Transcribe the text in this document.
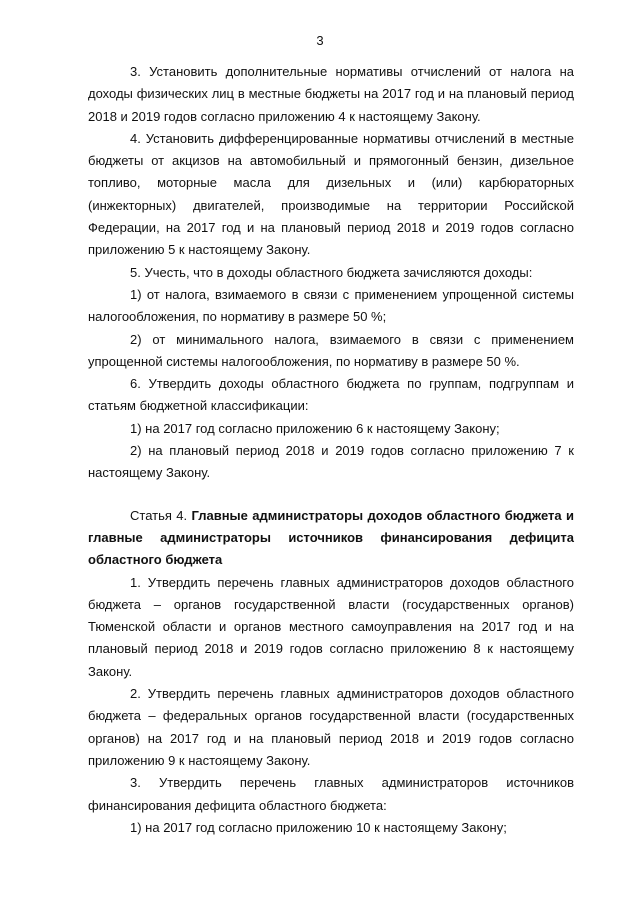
3

3. Установить дополнительные нормативы отчислений от налога на доходы физических лиц в местные бюджеты на 2017 год и на плановый период 2018 и 2019 годов согласно приложению 4 к настоящему Закону.

4. Установить дифференцированные нормативы отчислений в местные бюджеты от акцизов на автомобильный и прямогонный бензин, дизельное топливо, моторные масла для дизельных и (или) карбюраторных (инжекторных) двигателей, производимые на территории Российской Федерации, на 2017 год и на плановый период 2018 и 2019 годов согласно приложению 5 к настоящему Закону.

5. Учесть, что в доходы областного бюджета зачисляются доходы:

1) от налога, взимаемого в связи с применением упрощенной системы налогообложения, по нормативу в размере 50 %;

2) от минимального налога, взимаемого в связи с применением упрощенной системы налогообложения, по нормативу в размере 50 %.

6. Утвердить доходы областного бюджета по группам, подгруппам и статьям бюджетной классификации:

1) на 2017 год согласно приложению 6 к настоящему Закону;

2) на плановый период 2018 и 2019 годов согласно приложению 7 к настоящему Закону.

Статья 4. Главные администраторы доходов областного бюджета и главные администраторы источников финансирования дефицита областного бюджета

1. Утвердить перечень главных администраторов доходов областного бюджета – органов государственной власти (государственных органов) Тюменской области и органов местного самоуправления на 2017 год и на плановый период 2018 и 2019 годов согласно приложению 8 к настоящему Закону.

2. Утвердить перечень главных администраторов доходов областного бюджета – федеральных органов государственной власти (государственных органов) на 2017 год и на плановый период 2018 и 2019 годов согласно приложению 9 к настоящему Закону.

3. Утвердить перечень главных администраторов источников финансирования дефицита областного бюджета:

1) на 2017 год согласно приложению 10 к настоящему Закону;
